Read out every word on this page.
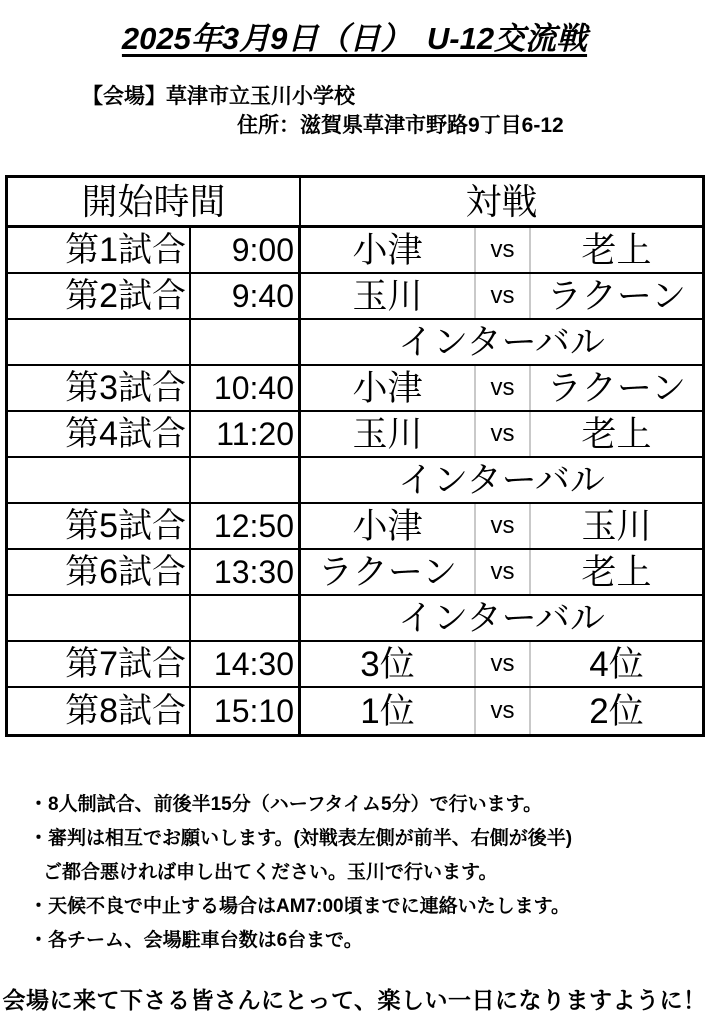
2025年3月9日（日）　U-12交流戦
【会場】草津市立玉川小学校
住所：滋賀県草津市野路9丁目6-12
開始時間	対戦
第1試合	9:00	小津	vs	老上
第2試合	9:40	玉川	vs ラクーン
インターバル
第3試合 10:40	小津	vs ラクーン
第4試合 11:20	玉川	vs	老上
インターバル
第5試合 12:50	小津	vs	玉川
第6試合 13:30 ラクーン	vs	老上
インターバル
第7試合 14:30	3位	vs	4位
第8試合 15:10	1位	vs	2位
・8人制試合、前後半15分（ハーフタイム5分）で行います。
・審判は相互でお願いします。(対戦表左側が前半、右側が後半)
ご都合悪ければ申し出てください。玉川で行います。
・天候不良で中止する場合はAM7:00頃までに連絡いたします。
・各チーム、会場駐車台数は6台まで。
会場に来て下さる皆さんにとって、楽しい一日になりますように！
